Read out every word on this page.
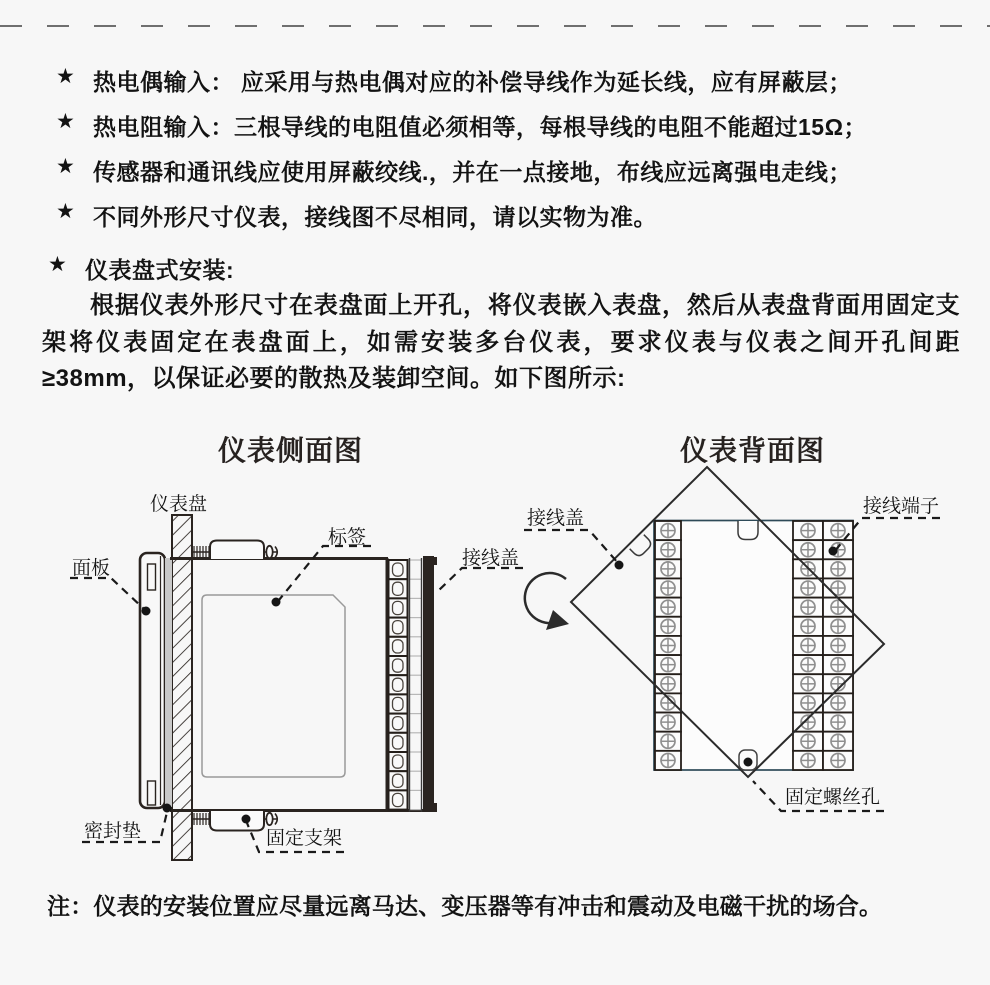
★ 热电偶输入： 应采用与热电偶对应的补偿导线作为延长线，应有屏蔽层；
★ 热电阻输入：三根导线的电阻值必须相等，每根导线的电阻不能超过15Ω；
★ 传感器和通讯线应使用屏蔽绞线.，并在一点接地，布线应远离强电走线；
★ 不同外形尺寸仪表，接线图不尽相同，请以实物为准。
★ 仪表盘式安装:
根据仪表外形尺寸在表盘面上开孔，将仪表嵌入表盘，然后从表盘背面用固定支架将仪表固定在表盘面上，如需安装多台仪表，要求仪表与仪表之间开孔间距≥38mm，以保证必要的散热及装卸空间。如下图所示:
仪表侧面图	仪表背面图
仪表盘
面板
标签
接线盖
密封垫	固定支架
接线盖
接线端子
固定螺丝孔
注：仪表的安装位置应尽量远离马达、变压器等有冲击和震动及电磁干扰的场合。
